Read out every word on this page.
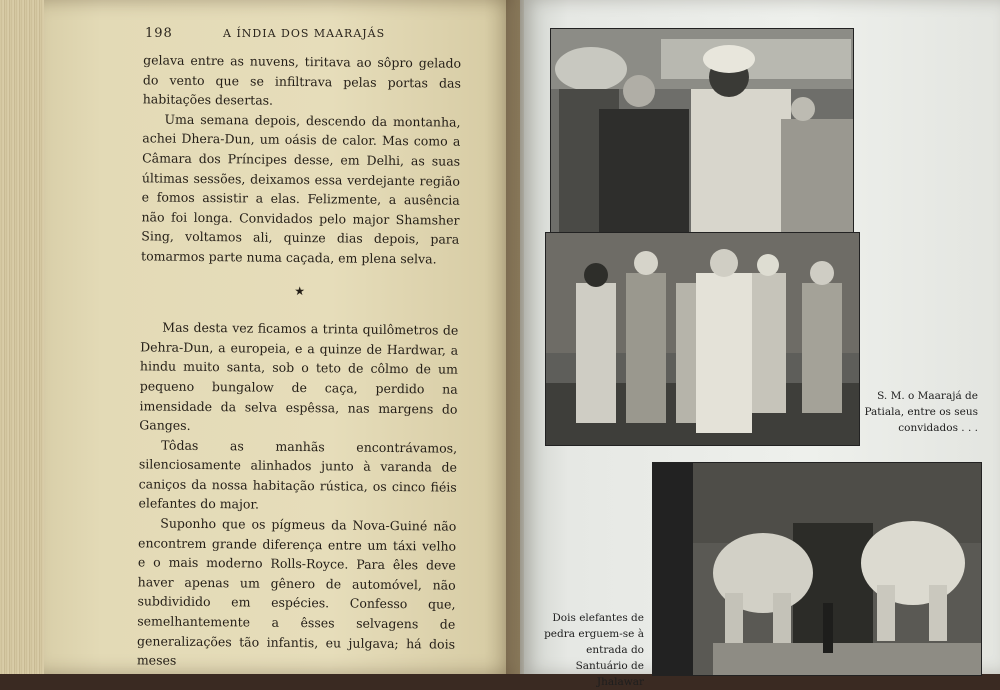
198	A ÍNDIA DOS MAARAJÁS

gelava entre as nuvens, tiritava ao sôpro gelado do vento que se infiltrava pelas portas das habitações desertas.

Uma semana depois, descendo da montanha, achei Dhera-Dun, um oásis de calor. Mas como a Câmara dos Príncipes desse, em Delhi, as suas últimas sessões, deixamos essa verdejante região e fomos assistir a elas. Felizmente, a ausência não foi longa. Convidados pelo major Shamsher Sing, voltamos ali, quinze dias depois, para tomarmos parte numa caçada, em plena selva.

★

Mas desta vez ficamos a trinta quilômetros de Dehra-Dun, a europeia, e a quinze de Hardwar, a hindu muito santa, sob o teto de côlmo de um pequeno bungalow de caça, perdido na imensidade da selva espêssa, nas margens do Ganges.

Tôdas as manhãs encontrávamos, silenciosamente alinhados junto à varanda de caniços da nossa habitação rústica, os cinco fiéis elefantes do major.

Suponho que os pígmeus da Nova-Guiné não encontrem grande diferença entre um táxi velho e o mais moderno Rolls-Royce. Para êles deve haver apenas um gênero de automóvel, não subdividido em espécies. Confesso que, semelhantemente a êsses selvagens de generalizações tão infantis, eu julgava; há dois meses

S. M. o Maarajá de Patiala, entre os seus convidados . . .
Dois elefantes de pedra erguem-se à entrada do Santuário de Jhalawar
